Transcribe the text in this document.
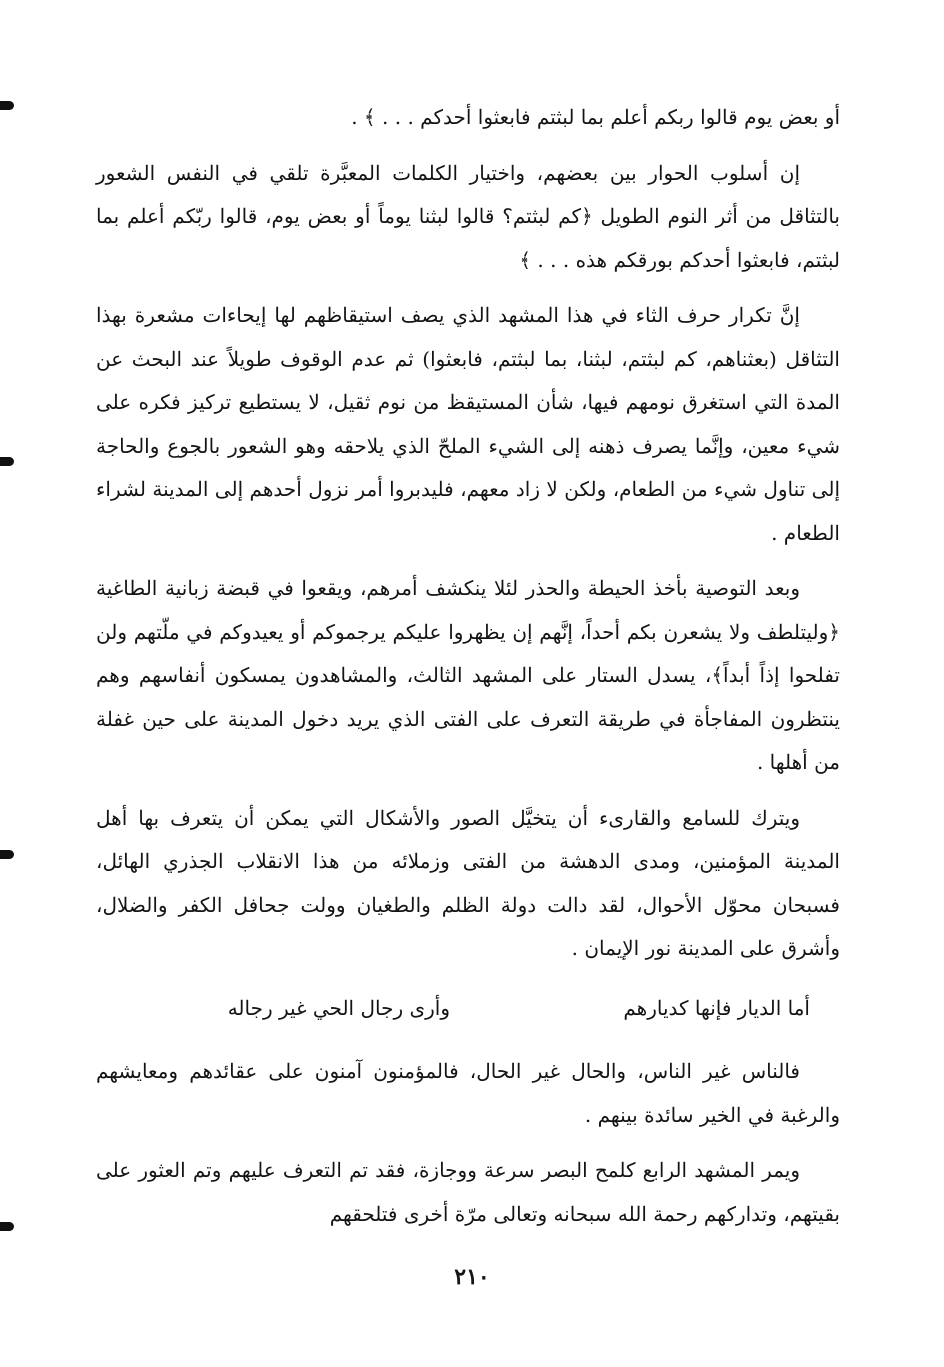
أو بعض يوم قالوا ربكم أعلم بما لبثتم فابعثوا أحدكم . . . ﴾ .

إن أسلوب الحوار بين بعضهم، واختيار الكلمات المعبَّرة تلقي في النفس الشعور بالتثاقل من أثر النوم الطويل ﴿كم لبثتم؟ قالوا لبثنا يوماً أو بعض يوم، قالوا ربّكم أعلم بما لبثتم، فابعثوا أحدكم بورقكم هذه . . . ﴾

إنَّ تكرار حرف الثاء في هذا المشهد الذي يصف استيقاظهم لها إيحاءات مشعرة بهذا التثاقل (بعثناهم، كم لبثتم، لبثنا، بما لبثتم، فابعثوا) ثم عدم الوقوف طويلاً عند البحث عن المدة التي استغرق نومهم فيها، شأن المستيقظ من نوم ثقيل، لا يستطيع تركيز فكره على شيء معين، وإنَّما يصرف ذهنه إلى الشيء الملحّ الذي يلاحقه وهو الشعور بالجوع والحاجة إلى تناول شيء من الطعام، ولكن لا زاد معهم، فليدبروا أمر نزول أحدهم إلى المدينة لشراء الطعام .

وبعد التوصية بأخذ الحيطة والحذر لئلا ينكشف أمرهم، ويقعوا في قبضة زبانية الطاغية ﴿وليتلطف ولا يشعرن بكم أحداً، إنَّهم إن يظهروا عليكم يرجموكم أو يعيدوكم في ملّتهم ولن تفلحوا إذاً أبداً﴾، يسدل الستار على المشهد الثالث، والمشاهدون يمسكون أنفاسهم وهم ينتظرون المفاجأة في طريقة التعرف على الفتى الذي يريد دخول المدينة على حين غفلة من أهلها .

ويترك للسامع والقارىء أن يتخيَّل الصور والأشكال التي يمكن أن يتعرف بها أهل المدينة المؤمنين، ومدى الدهشة من الفتى وزملائه من هذا الانقلاب الجذري الهائل، فسبحان محوّل الأحوال، لقد دالت دولة الظلم والطغيان وولت جحافل الكفر والضلال، وأشرق على المدينة نور الإيمان .

أما الديار فإنها كديارهم
وأرى رجال الحي غير رجاله

فالناس غير الناس، والحال غير الحال، فالمؤمنون آمنون على عقائدهم ومعايشهم والرغبة في الخير سائدة بينهم .

ويمر المشهد الرابع كلمح البصر سرعة ووجازة، فقد تم التعرف عليهم وتم العثور على بقيتهم، وتداركهم رحمة الله سبحانه وتعالى مرّة أخرى فتلحقهم

٢١٠
